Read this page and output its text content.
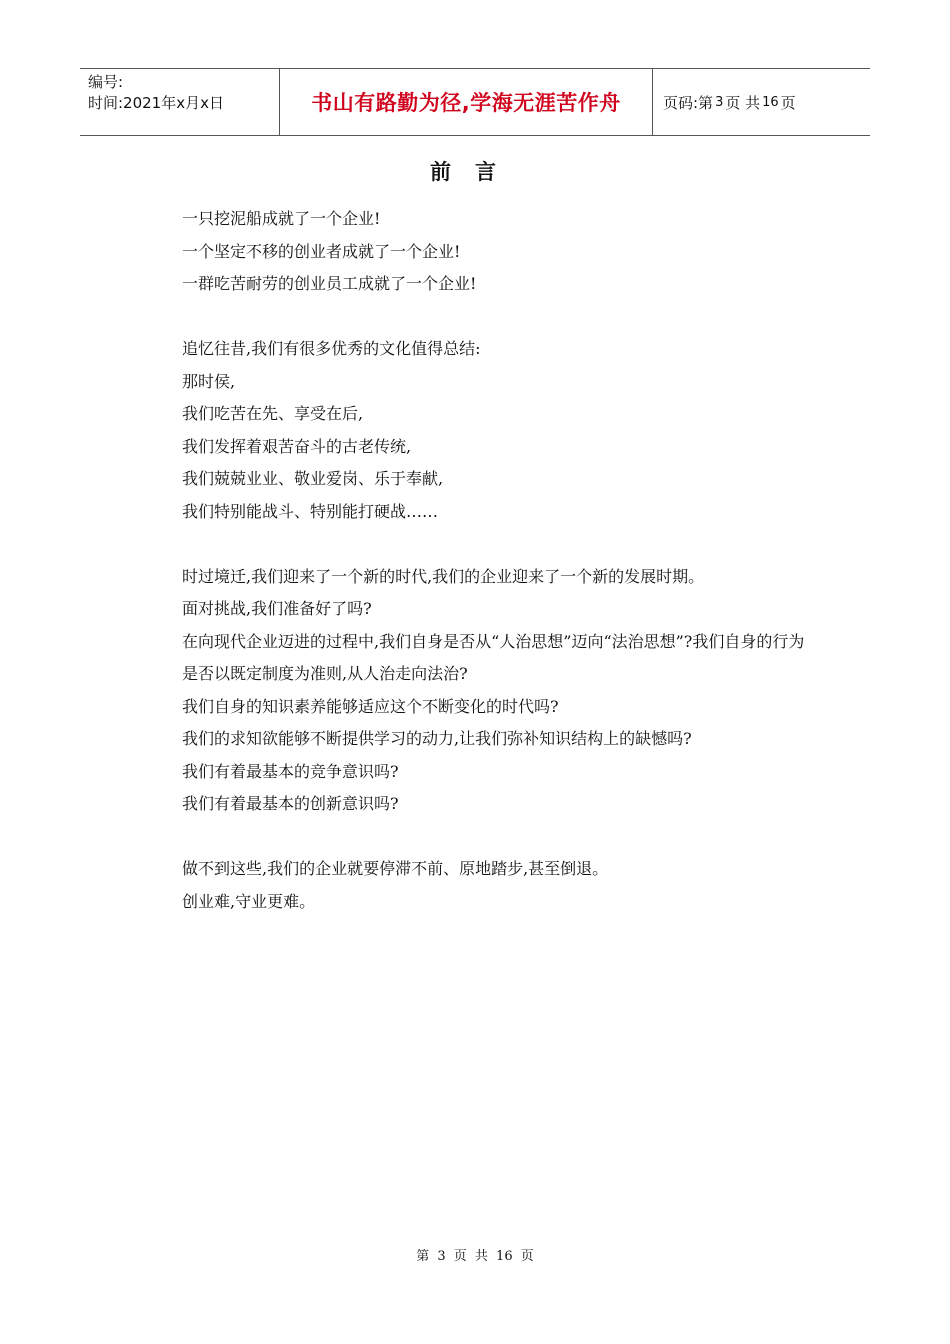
编号:
时间:2021年x月x日	书山有路勤为径,学海无涯苦作舟	页码:第 3 页 共 16 页
前言

一只挖泥船成就了一个企业!

一个坚定不移的创业者成就了一个企业!

一群吃苦耐劳的创业员工成就了一个企业!

追忆往昔,我们有很多优秀的文化值得总结:

那时侯,

我们吃苦在先、享受在后,

我们发挥着艰苦奋斗的古老传统,

我们兢兢业业、敬业爱岗、乐于奉献,

我们特别能战斗、特别能打硬战……

时过境迁,我们迎来了一个新的时代,我们的企业迎来了一个新的发展时期。

面对挑战,我们准备好了吗?

在向现代企业迈进的过程中,我们自身是否从“人治思想”迈向“法治思想”?我们自身的行为是否以既定制度为准则,从人治走向法治?

我们自身的知识素养能够适应这个不断变化的时代吗?

我们的求知欲能够不断提供学习的动力,让我们弥补知识结构上的缺憾吗?

我们有着最基本的竞争意识吗?

我们有着最基本的创新意识吗?

做不到这些,我们的企业就要停滞不前、原地踏步,甚至倒退。

创业难,守业更难。

第 3 页 共 16 页
